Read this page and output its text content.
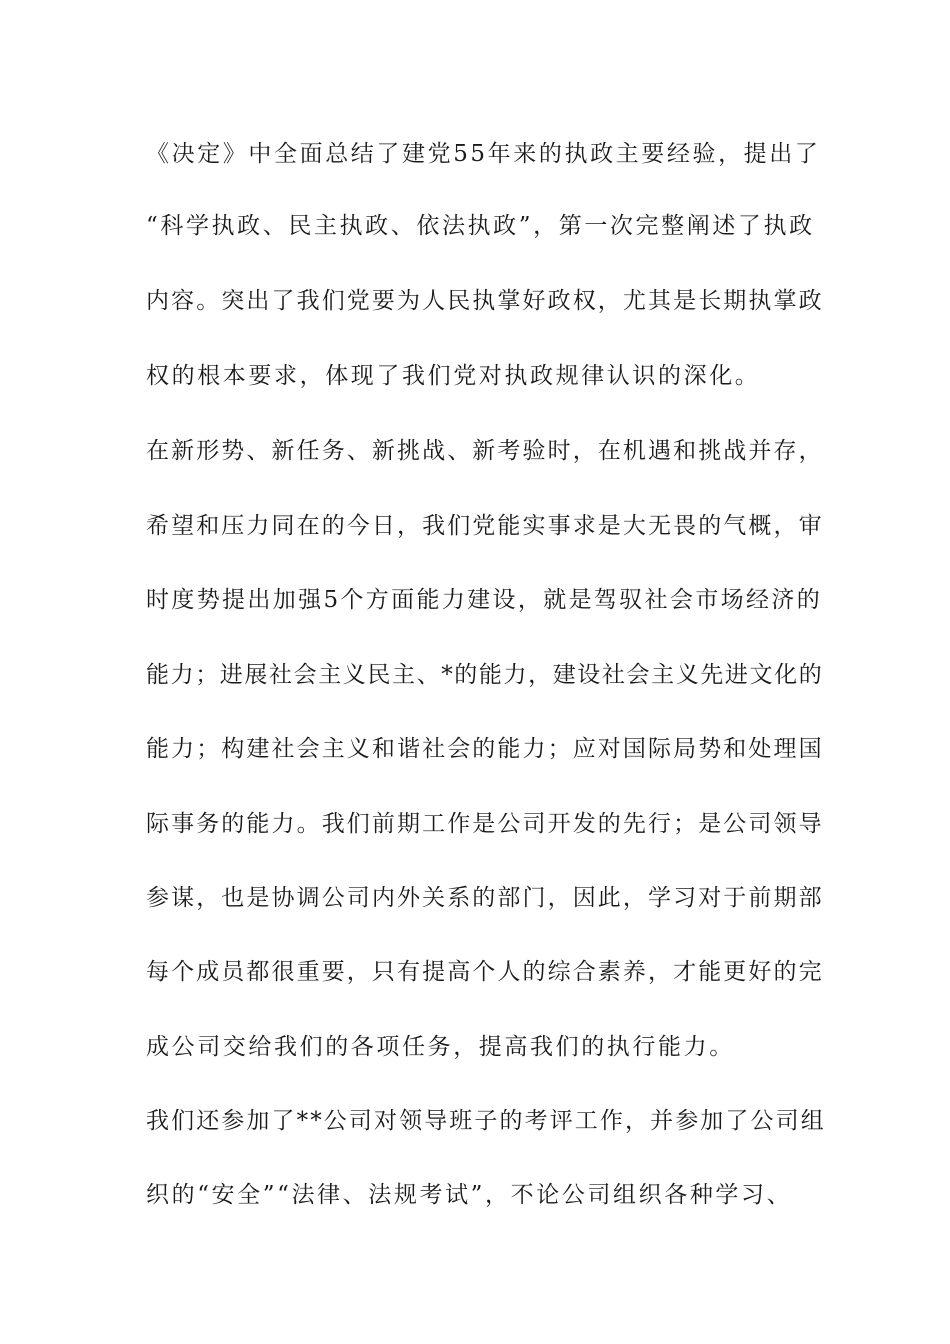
《决定》中全面总结了建党55年来的执政主要经验，提出了
“科学执政、民主执政、依法执政”，第一次完整阐述了执政
内容。突出了我们党要为人民执掌好政权，尤其是长期执掌政
权的根本要求，体现了我们党对执政规律认识的深化。
在新形势、新任务、新挑战、新考验时，在机遇和挑战并存，
希望和压力同在的今日，我们党能实事求是大无畏的气概，审
时度势提出加强5个方面能力建设，就是驾驭社会市场经济的
能力；进展社会主义民主、*的能力，建设社会主义先进文化的
能力；构建社会主义和谐社会的能力；应对国际局势和处理国
际事务的能力。我们前期工作是公司开发的先行；是公司领导
参谋，也是协调公司内外关系的部门，因此，学习对于前期部
每个成员都很重要，只有提高个人的综合素养，才能更好的完
成公司交给我们的各项任务，提高我们的执行能力。
我们还参加了**公司对领导班子的考评工作，并参加了公司组
织的“安全”“法律、法规考试”，不论公司组织各种学习、
